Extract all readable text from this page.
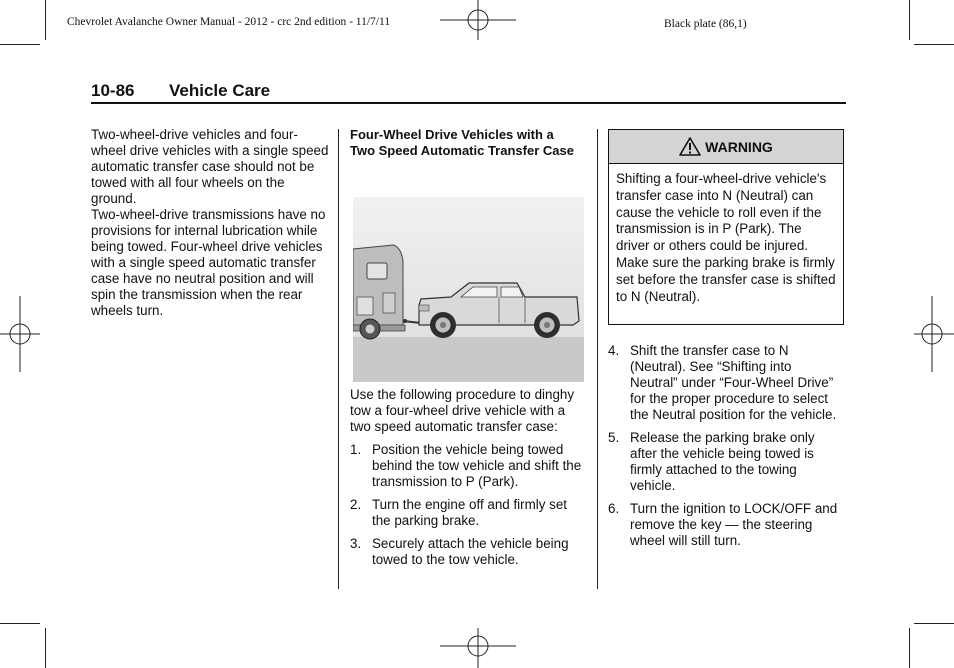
Chevrolet Avalanche Owner Manual - 2012 - crc 2nd edition - 11/7/11	Black plate (86,1)
10-86 Vehicle Care

Two-wheel-drive vehicles and four-wheel drive vehicles with a single speed automatic transfer case should not be towed with all four wheels on the ground.

Two-wheel-drive transmissions have no provisions for internal lubrication while being towed. Four-wheel drive vehicles with a single speed automatic transfer case have no neutral position and will spin the transmission when the rear wheels turn.

Four-Wheel Drive Vehicles with a Two Speed Automatic Transfer Case

Use the following procedure to dinghy tow a four-wheel drive vehicle with a two speed automatic transfer case:

1. Position the vehicle being towed behind the tow vehicle and shift the transmission to P (Park).
2. Turn the engine off and firmly set the parking brake.
3. Securely attach the vehicle being towed to the tow vehicle.
WARNING
Shifting a four-wheel-drive vehicle's transfer case into N (Neutral) can cause the vehicle to roll even if the transmission is in P (Park). The driver or others could be injured. Make sure the parking brake is firmly set before the transfer case is shifted to N (Neutral).
4. Shift the transfer case to N (Neutral). See “Shifting into Neutral” under “Four-Wheel Drive” for the proper procedure to select the Neutral position for the vehicle.
5. Release the parking brake only after the vehicle being towed is firmly attached to the towing vehicle.
6. Turn the ignition to LOCK/OFF and remove the key — the steering wheel will still turn.
